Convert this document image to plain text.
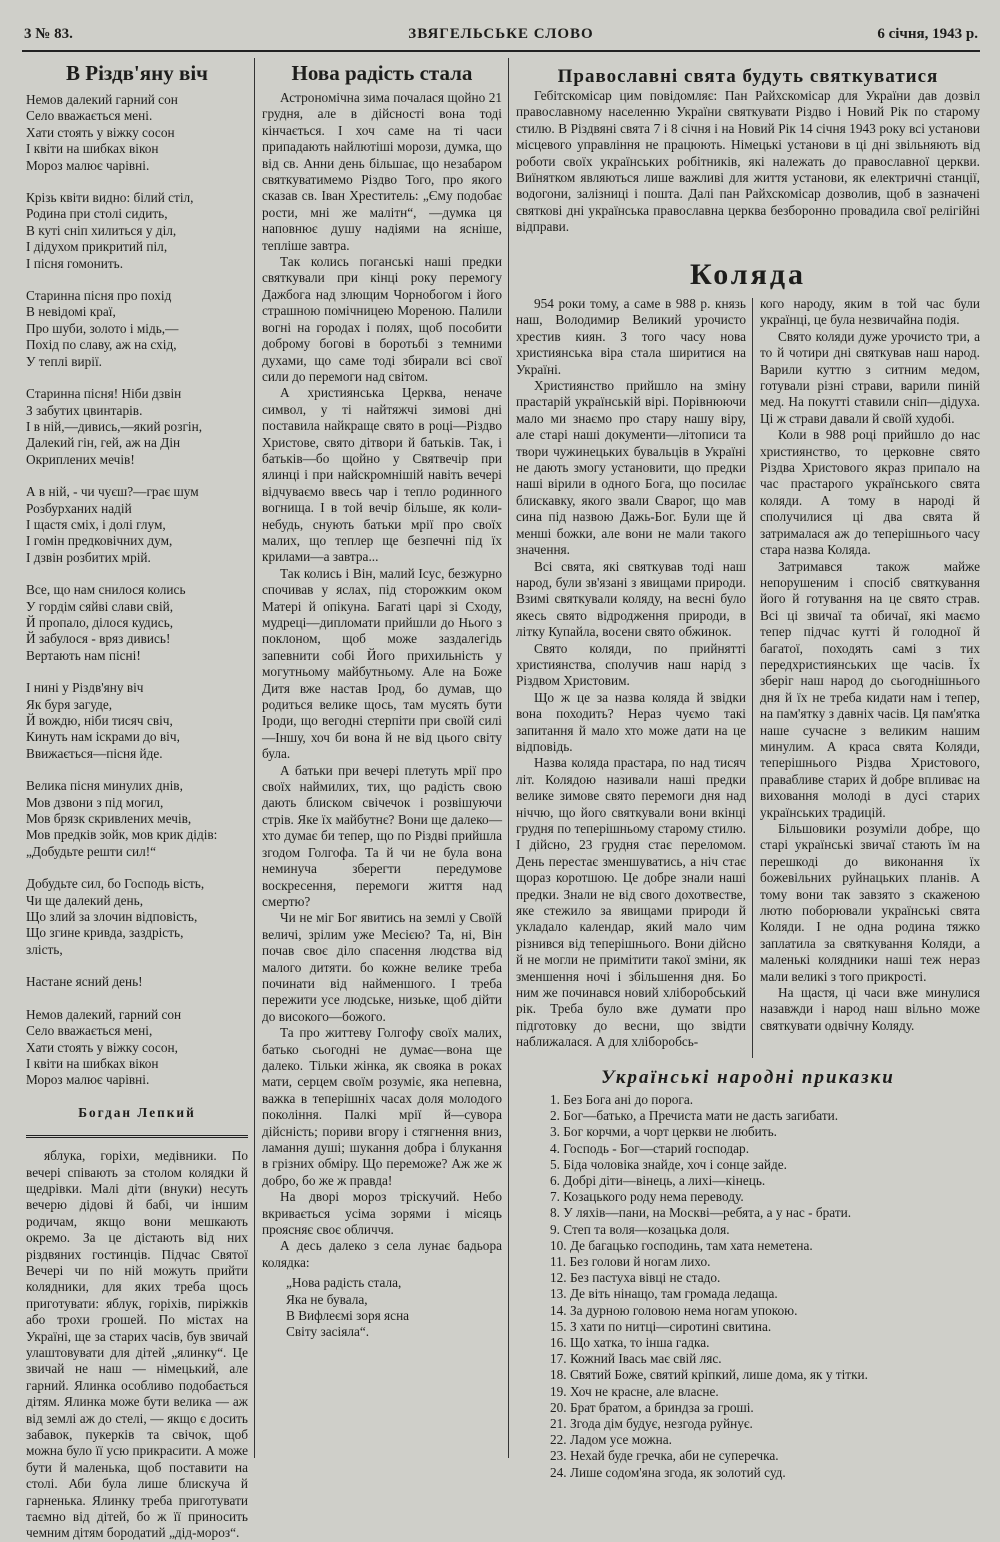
3 № 83.	ЗВЯГЕЛЬСЬКЕ СЛОВО	6 січня, 1943 р.
В Різдв'яну віч
Немов далекий гарний сон
Село вважається мені.
Хати стоять у віжку сосон
І квіти на шибках вікон
Мороз малює чарівні.
Крізь квіти видно: білий стіл,
Родина при столі сидить,
В куті сніп хилиться у діл,
І дідухом прикритий піл,
І пісня гомонить.
Старинна пісня про похід
В невідомі краї,
Про шуби, золото і мідь,—
Похід по славу, аж на схід,
У теплі вирії.
Старинна пісня! Ніби дзвін
З забутих цвинтарів.
І в ній,—дивись,—який розгін,
Далекий гін, гей, аж на Дін
Окриплених мечів!
А в ній, - чи чуєш?—грає шум
Розбурханих надій
І щастя сміх, і долі глум,
І гомін предковічних дум,
І дзвін розбитих мрій.
Все, що нам снилося колись
У гордім сяйві слави свій,
Й пропало, ділося кудись,
Й забулося - вряз дивись!
Вертають нам пісні!
І нині у Різдв'яну віч
Як буря загуде,
Й вождю, ніби тисяч свіч,
Кинуть нам іскрами до віч,
Ввижається—пісня йде.
Велика пісня минулих днів,
Мов дзвони з під могил,
Мов брязк скривлених мечів,
Мов предків зойк, мов крик дідів:
„Добудьте решти сил!“
Добудьте сил, бо Господь вість,
Чи ще далекий день,
Що злий за злочин відповість,
Що згине кривда, заздрість,
злість,
Настане ясний день!
Немов далекий, гарний сон
Село вважається мені,
Хати стоять у віжку сосон,
І квіти на шибках вікон
Мороз малює чарівні.
Богдан Лепкий

яблука, горіхи, медівники. По вечері співають за столом колядки й щедрівки. Малі діти (внуки) несуть вечерю дідові й бабі, чи іншим родичам, якщо вони мешкають окремо. За це дістають від них різдвяних гостинців. Підчас Святої Вечері чи по ній можуть прийти колядники, для яких треба щось приготувати: яблук, горіхів, пиріжків або трохи грошей. По містах на Україні, ще за старих часів, був звичай улаштовувати для дітей „ялинку“. Це звичай не наш — німецький, але гарний. Ялинка особливо подобається дітям. Ялинка може бути велика — аж від землі аж до стелі, — якщо є досить забавок, пукерків та свічок, щоб можна було її усю прикрасити. А може бути й маленька, щоб поставити на столі. Аби була лише блискуча й гарненька. Ялинку треба приготувати таємно від дітей, бо ж її приносить чемним дітям бородатий „дід-мороз“.

Нова радість стала

Астрономічна зима почалася щойно 21 грудня, але в дійсності вона тоді кінчається. І хоч саме на ті часи припадають найлютіші морози, думка, що від св. Анни день більшає, що незабаром святкуватимемо Різдво Того, про якого сказав св. Іван Хреститель: „Єму подобає рости, мні же малітн“, —думка ця наповнює душу надіями на ясніше, тепліше завтра.

Так колись поганські наші предки святкували при кінці року перемогу Дажбога над злющим Чорнобогом і його страшною помічницею Мореною. Палили вогні на городах і полях, щоб пособити доброму богові в боротьбі з темними духами, що саме тоді збирали всі свої сили до перемоги над світом.

А християнська Церква, неначе символ, у ті найтяжчі зимові дні поставила найкраще свято в році—Різдво Христове, свято дітвори й батьків. Так, і батьків—бо щойно у Святвечір при ялинці і при найскромнішій навіть вечері відчуваємо ввесь чар і тепло родинного вогнища. І в той вечір більше, як коли-небудь, снують батьки мрії про своїх малих, що теплер ще безпечні під їх крилами—а завтра...

Так колись і Він, малий Ісус, безжурно спочивав у яслах, під сторожким оком Матері й опікуна. Багаті царі зі Сходу, мудреці—дипломати прийшли до Нього з поклоном, щоб може заздалегідь запевнити собі Його прихильність у могутньому майбутньому. Але на Боже Дитя вже настав Ірод, бо думав, що родиться велике щось, там мусять бути Іроди, що вегодні стерпіти при своїй силі—Іншу, хоч би вона й не від цього світу була.

А батьки при вечері плетуть мрії про своїх наймилих, тих, що радість свою дають блиском свічечок і розвішуючи стрів. Яке їх майбутнє? Вони ще далеко—хто думає би тепер, що по Різдві прийшла згодом Голгофа. Та й чи не була вона неминуча зберегти передумове воскресення, перемоги життя над смертю?

Чи не міг Бог явитись на землі у Своїй величі, зрілим уже Месією? Та, ні, Він почав своє діло спасення людства від малого дитяти. бо кожне велике треба починати від найменшого. І треба пережити усе людське, низьке, щоб дійти до високого—божого.

Та про життеву Голгофу своїх малих, батько сьогодні не думає—вона ще далеко. Тільки жінка, як свояка в роках мати, серцем своїм розуміє, яка непевна, важка в теперішніх часах доля молодого покоління. Палкі мрії й—сувора дійсність; пориви вгору і стягнення вниз, ламання душі; шукання добра і блукання в грізних обміру. Що переможе? Аж же ж добро, бо же ж правда!

На дворі мороз тріскучий. Небо вкривається усіма зорями і місяць проясняє своє обличчя.

А десь далеко з села лунає бадьора колядка:

„Нова радість стала,
Яка не бувала,
В Вифлеємі зоря ясна
Світу засіяла“.
Православні свята будуть святкуватися

Гебітскомісар цим повідомляє: Пан Райхскомісар для України дав дозвіл православному населенню України святкувати Різдво і Новий Рік по старому стилю. В Різдвяні свята 7 і 8 січня і на Новий Рік 14 січня 1943 року всі установи місцевого управління не працюють. Німецькі установи в ці дні звільняють від роботи своїх українських робітників, які належать до православної церкви. Виїнятком являються лише важливі для життя установи, як електричні станції, водогони, залізниці і пошта. Далі пан Райхскомісар дозволив, щоб в зазначені святкові дні українська православна церква безборонно провадила свої релігійні відправи.

Коляда

954 роки тому, а саме в 988 р. князь наш, Володимир Великий урочисто хрестив киян. З того часу нова християнська віра стала ширитися на Україні.

Християнство прийшло на зміну прастарій українській вірі. Порівнюючи мало ми знаємо про стару нашу віру, але старі наші документи—літописи та твори чужинецьких бувальців в Україні не дають змогу установити, що предки наші вірили в одного Бога, що посилає блискавку, якого звали Сварог, що мав сина під назвою Дажь-Бог. Були ще й менші божки, але вони не мали такого значення.

Всі свята, які святкував тоді наш народ, були зв'язані з явищами природи. Взимі святкували коляду, на весні було якесь свято відродження природи, в літку Купайла, восени свято обжинок.

Свято коляди, по прийнятті християнства, сполучив наш нарід з Різдвом Христовим.

Що ж це за назва коляда й звідки вона походить? Нераз чуємо такі запитання й мало хто може дати на це відповідь.

Назва коляда прастара, по над тисяч літ. Колядою називали наші предки велике зимове свято перемоги дня над ніччю, що його святкували вони вкінці грудня по теперішньому старому стилю. І дійсно, 23 грудня стає переломом. День перестає зменшуватись, а ніч стає щораз коротшою. Це добре знали наші предки. Знали не від свого дохотвестве, яке стежило за явищами природи й укладало календар, який мало чим різнився від теперішнього. Вони дійсно й не могли не примітити такої зміни, як зменшення ночі і збільшення дня. Бо ним же починався новий хліборобський рік. Треба було вже думати про підготовку до весни, що звідти наближалася. А для хліборобсь-

кого народу, яким в той час були українці, це була незвичайна подія.

Свято коляди дуже урочисто три, а то й чотири дні святкував наш народ. Варили куттю з ситним медом, готували різні страви, варили пиній мед. На покутті ставили сніп—дідуха. Ці ж страви давали й своїй худобі.

Коли в 988 році прийшло до нас християнство, то церковне свято Різдва Христового якраз припало на час прастарого українського свята коляди. А тому в народі й сполучилися ці два свята й затрималася аж до теперішнього часу стара назва Коляда.

Затримався також майже непорушеним і спосіб святкування його й готування на це свято страв. Всі ці звичаї та обичаї, які маємо тепер підчас кутті й голодної й багатої, походять самі з тих передхристиянських ще часів. Їх зберіг наш народ до сьогоднішнього дня й їх не треба кидати нам і тепер, на пам'ятку з давніх часів. Ця пам'ятка наше сучасне з великим нашим минулим. А краса свята Коляди, теперішнього Різдва Христового, правабливе старих й добре впливає на виховання молоді в дусі старих українських традицій.

Більшовики розуміли добре, що старі українські звичаї стають їм на перешкоді до виконання їх божевільних руйнацьких планів. А тому вони так завзято з скаженою лютю поборювали українські свята Коляди. І не одна родина тяжко заплатила за святкування Коляди, а маленькі колядники наші теж нераз мали великі з того прикрості.

На щастя, ці часи вже минулися назавжди і народ наш вільно може святкувати одвічну Коляду.

Українські народні приказки
1. Без Бога ані до порога.
2. Бог—батько, а Пречиста мати не дасть загибати.
3. Бог корчми, а чорт церкви не любить.
4. Господь - Бог—старий господар.
5. Біда чоловіка знайде, хоч і сонце зайде.
6. Добрі діти—вінець, а лихі—кінець.
7. Козацького роду нема переводу.
8. У ляхів—пани, на Москві—ребята, а у нас - брати.
9. Степ та воля—козацька доля.
10. Де багацько господинь, там хата неметена.
11. Без голови й ногам лихо.
12. Без пастуха вівці не стадо.
13. Де віть нінащо, там громада ледаща.
14. За дурною головою нема ногам упокою.
15. З хати по нитці—сиротині свитина.
16. Що хатка, то інша гадка.
17. Кожний Івась має свій ляс.
18. Святий Боже, святий кріпкий, лише дома, як у тітки.
19. Хоч не красне, але власне.
20. Брат братом, а бриндза за гроші.
21. Згода дім будує, незгода руйнує.
22. Ладом усе можна.
23. Нехай буде гречка, аби не суперечка.
24. Лише содом'яна згода, як золотий суд.
